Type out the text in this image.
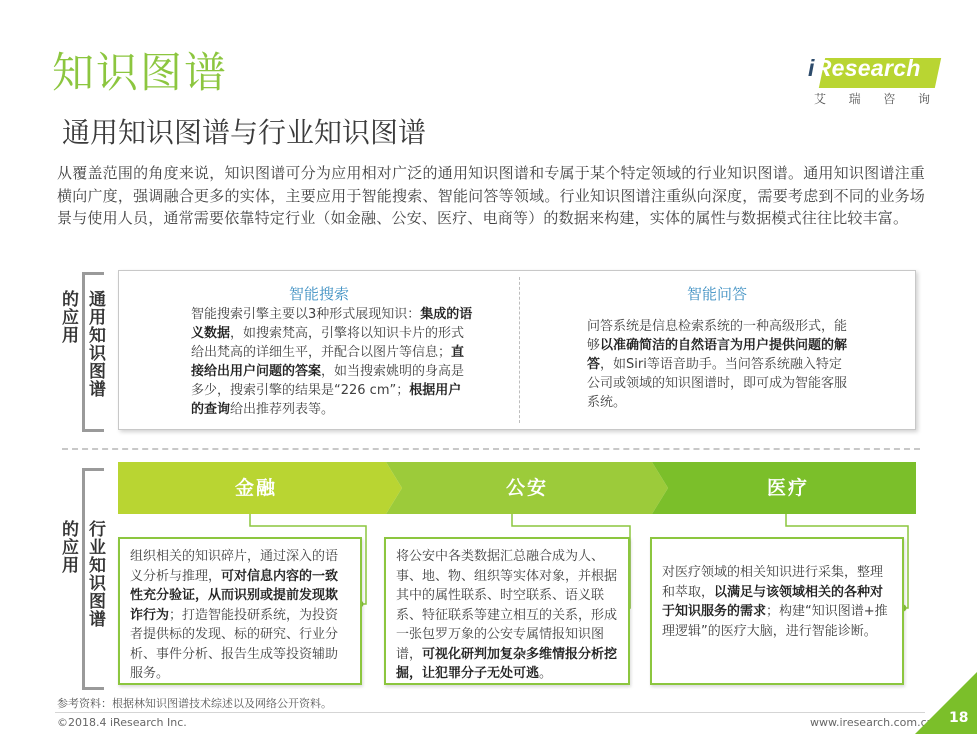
知识图谱	iResearch
艾 瑞 咨 询
通用知识图谱与行业知识图谱
从覆盖范围的角度来说，知识图谱可分为应用相对广泛的通用知识图谱和专属于某个特定领域的行业知识图谱。通用知识图谱注重横向广度，强调融合更多的实体，主要应用于智能搜索、智能问答等领域。行业知识图谱注重纵向深度，需要考虑到不同的业务场景与使用人员，通常需要依靠特定行业（如金融、公安、医疗、电商等）的数据来构建，实体的属性与数据模式往往比较丰富。
通用知识图谱
的应用	智能搜索
智能搜索引擎主要以3种形式展现知识：集成的语义数据，如搜索梵高，引擎将以知识卡片的形式给出梵高的详细生平，并配合以图片等信息；直接给出用户问题的答案，如当搜索姚明的身高是多少，搜索引擎的结果是“226 cm”；根据用户的查询给出推荐列表等。
智能问答
问答系统是信息检索系统的一种高级形式，能够以准确简洁的自然语言为用户提供问题的解答，如Siri等语音助手。当问答系统融入特定公司或领域的知识图谱时，即可成为智能客服系统。
行业知识图谱
的应用
金融	公安	医疗
组织相关的知识碎片，通过深入的语义分析与推理，可对信息内容的一致性充分验证，从而识别或提前发现欺诈行为；打造智能投研系统，为投资者提供标的发现、标的研究、行业分析、事件分析、报告生成等投资辅助服务。
将公安中各类数据汇总融合成为人、事、地、物、组织等实体对象，并根据其中的属性联系、时空联系、语义联系、特征联系等建立相互的关系，形成一张包罗万象的公安专属情报知识图谱，可视化研判加复杂多维情报分析挖掘，让犯罪分子无处可逃。
对医疗领域的相关知识进行采集，整理和萃取，以满足与该领域相关的各种对于知识服务的需求；构建“知识图谱+推理逻辑”的医疗大脑，进行智能诊断。
参考资料：根据林知识图谱技术综述以及网络公开资料。
©2018.4 iResearch Inc.	www.iresearch.com.cn 18
